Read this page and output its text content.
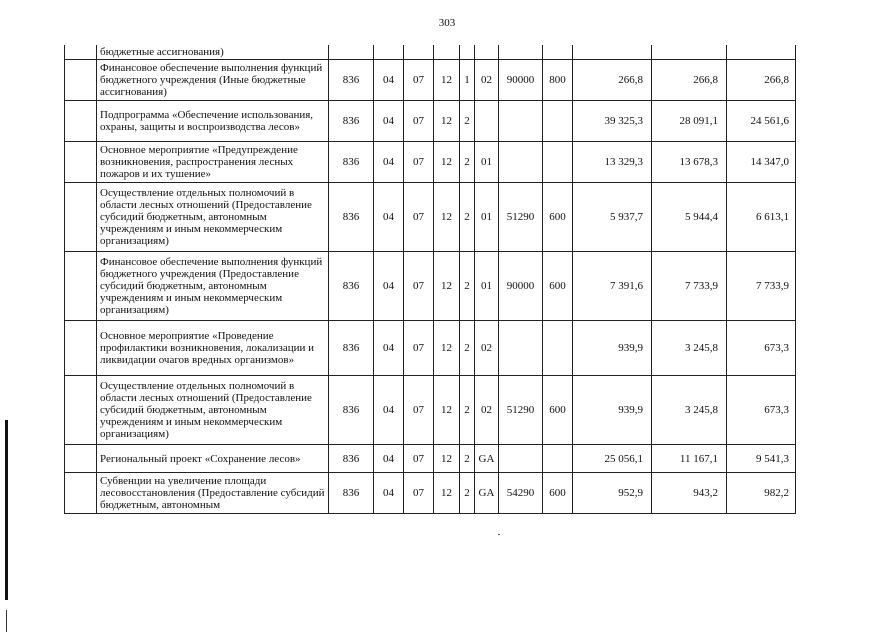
303
	бюджетные ассигнования)											
	Финансовое обеспечение выполнения функций бюджетного учреждения (Иные бюджетные ассигнования)	836	04	07	12	1	02	90000	800	266,8	266,8	266,8
	Подпрограмма «Обеспечение использования, охраны, защиты и воспроизводства лесов»	836	04	07	12	2				39 325,3	28 091,1	24 561,6
	Основное мероприятие «Предупреждение возникновения, распространения лесных пожаров и их тушение»	836	04	07	12	2	01			13 329,3	13 678,3	14 347,0
	Осуществление отдельных полномочий в области лесных отношений (Предоставление субсидий бюджетным, автономным учреждениям и иным некоммерческим организациям)	836	04	07	12	2	01	51290	600	5 937,7	5 944,4	6 613,1
	Финансовое обеспечение выполнения функций бюджетного учреждения (Предоставление субсидий бюджетным, автономным учреждениям и иным некоммерческим организациям)	836	04	07	12	2	01	90000	600	7 391,6	7 733,9	7 733,9
	Основное мероприятие «Проведение профилактики возникновения, локализации и ликвидации очагов вредных организмов»	836	04	07	12	2	02			939,9	3 245,8	673,3
	Осуществление отдельных полномочий в области лесных отношений (Предоставление субсидий бюджетным, автономным учреждениям и иным некоммерческим организациям)	836	04	07	12	2	02	51290	600	939,9	3 245,8	673,3
	Региональный проект «Сохранение лесов»	836	04	07	12	2	GA			25 056,1	11 167,1	9 541,3
	Субвенции на увеличение площади лесовосстановления (Предоставление субсидий бюджетным, автономным	836	04	07	12	2	GA	54290	600	952,9	943,2	982,2
